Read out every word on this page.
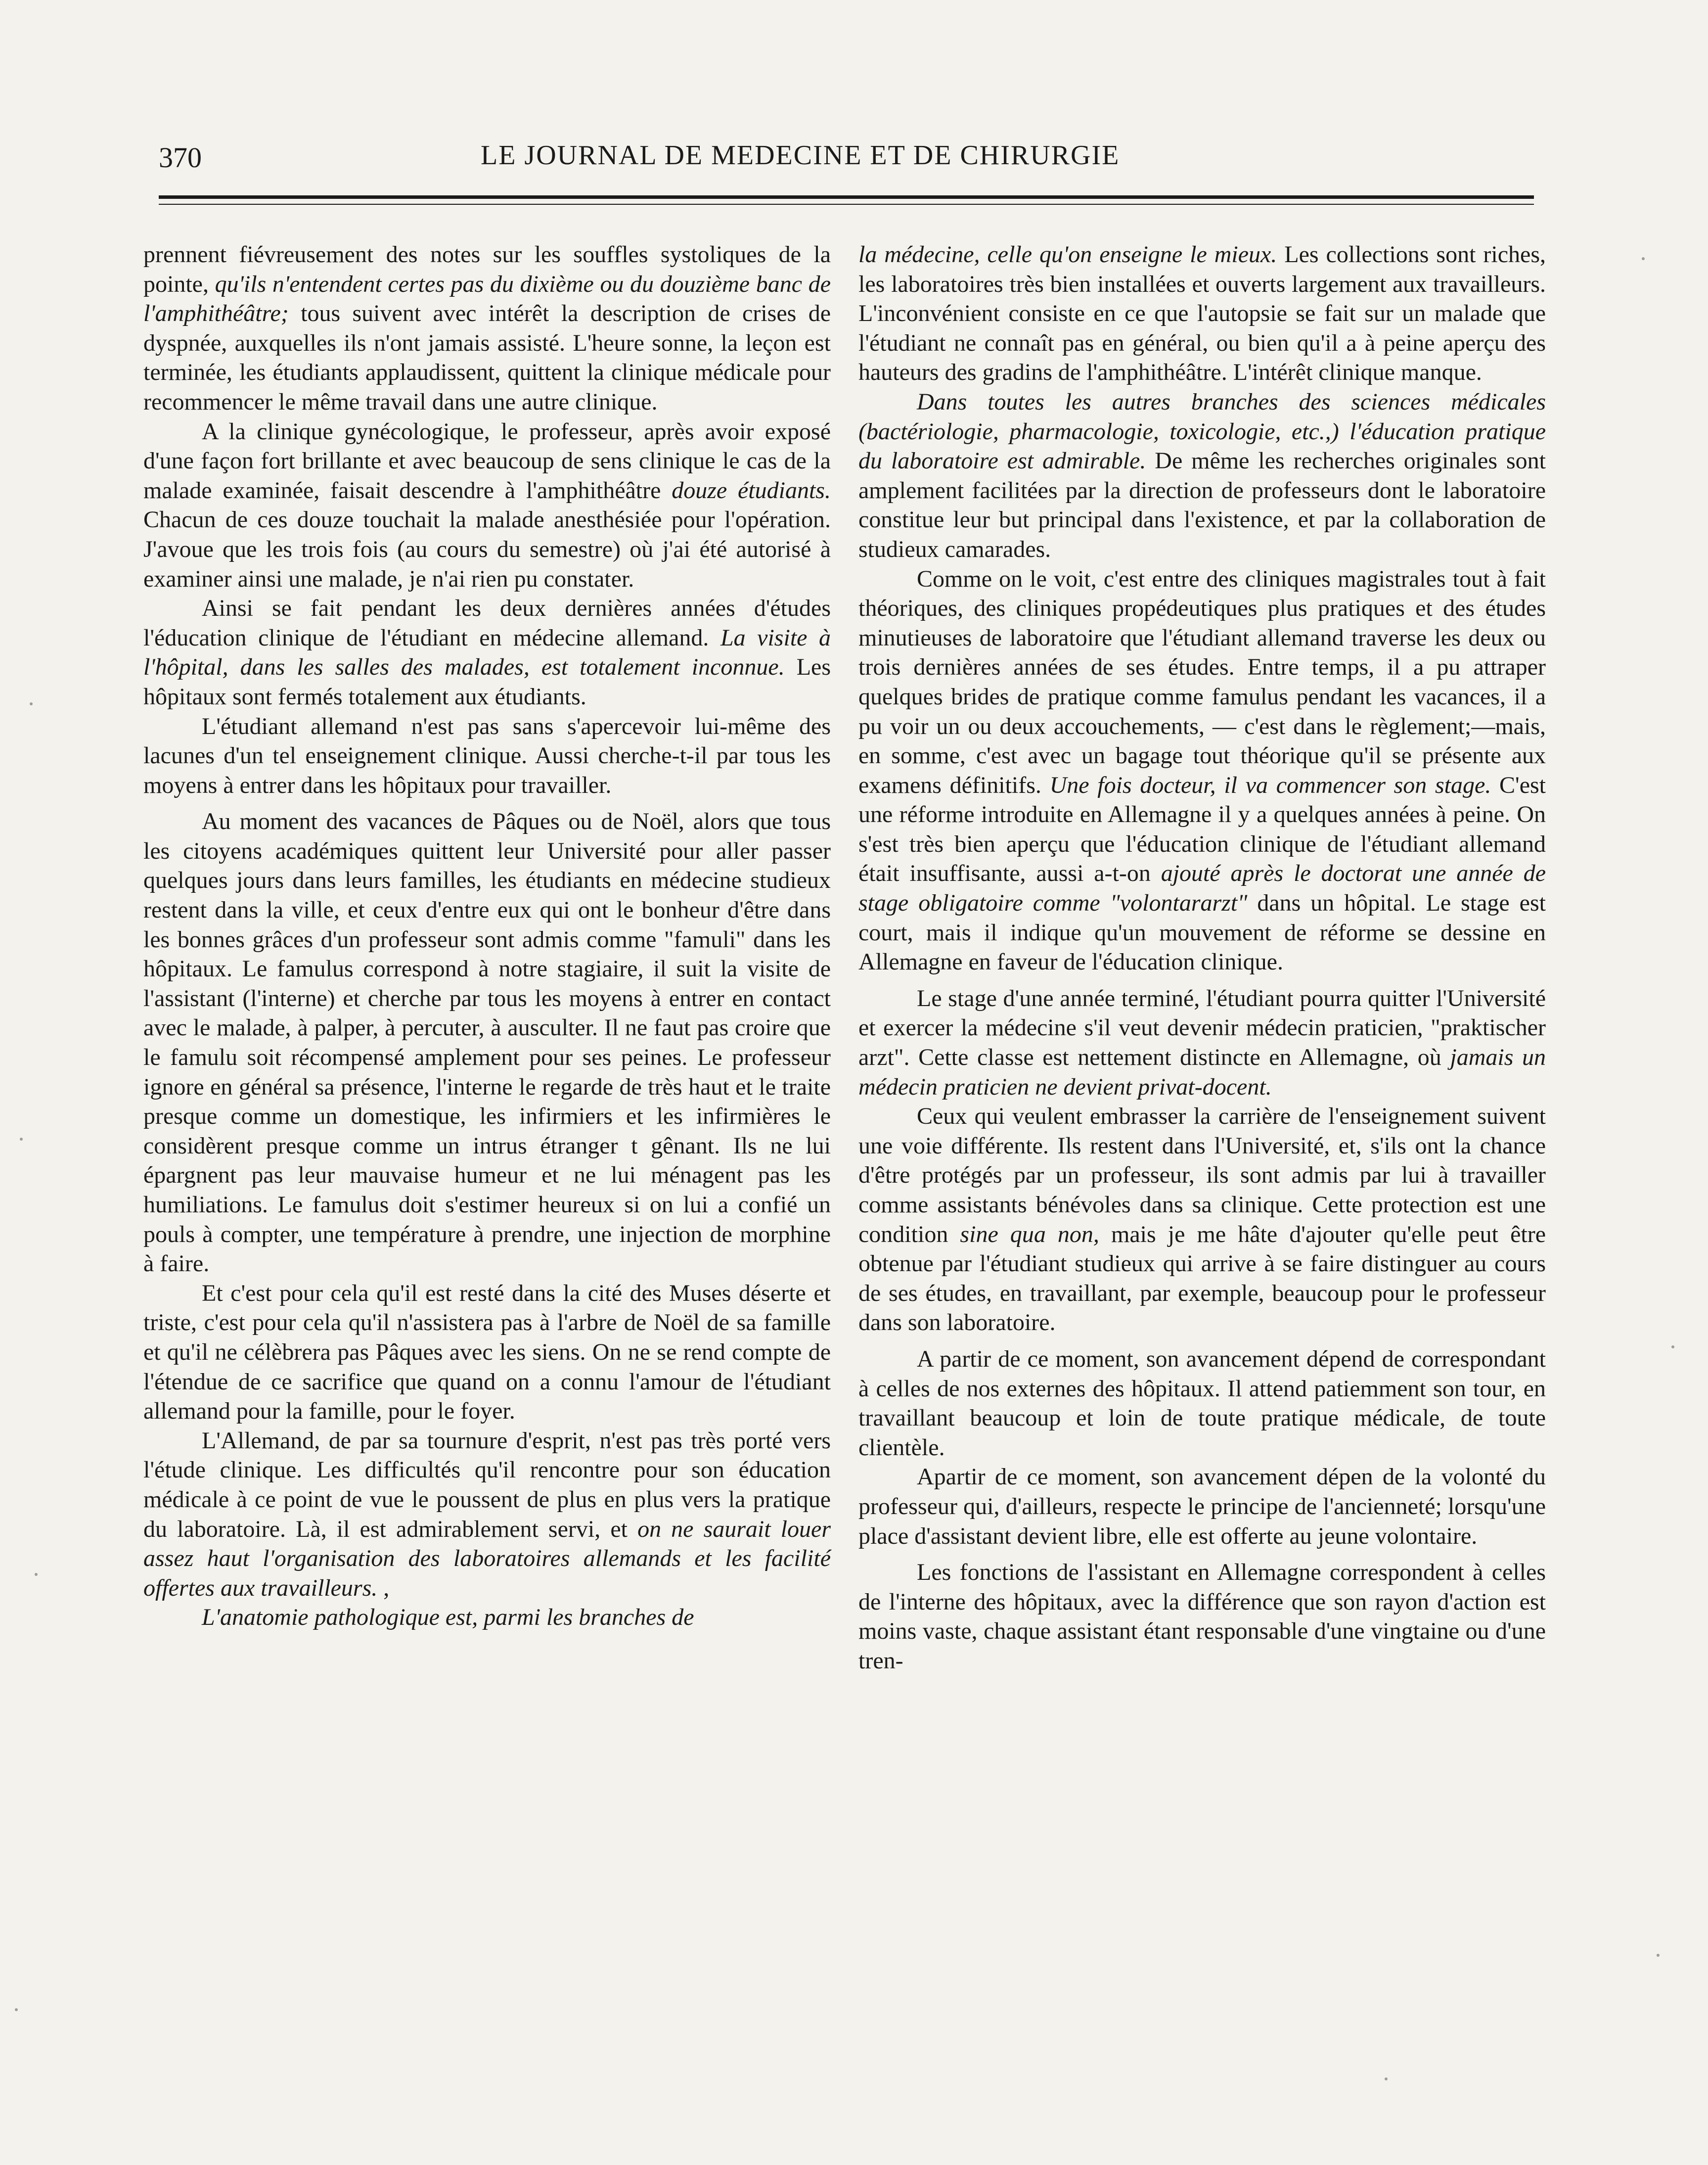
370	LE JOURNAL DE MEDECINE ET DE CHIRURGIE

prennent fiévreusement des notes sur les souffles systoliques de la pointe, qu'ils n'entendent certes pas du dixième ou du douzième banc de l'amphithéâtre; tous suivent avec intérêt la description de crises de dyspnée, auxquelles ils n'ont jamais assisté. L'heure sonne, la leçon est terminée, les étudiants applaudissent, quittent la clinique médicale pour recommencer le même travail dans une autre clinique.

A la clinique gynécologique, le professeur, après avoir exposé d'une façon fort brillante et avec beaucoup de sens clinique le cas de la malade examinée, faisait descendre à l'amphithéâtre douze étudiants. Chacun de ces douze touchait la malade anesthésiée pour l'opération. J'avoue que les trois fois (au cours du semestre) où j'ai été autorisé à examiner ainsi une malade, je n'ai rien pu constater.

Ainsi se fait pendant les deux dernières années d'études l'éducation clinique de l'étudiant en médecine allemand. La visite à l'hôpital, dans les salles des malades, est totalement inconnue. Les hôpitaux sont fermés totalement aux étudiants.

L'étudiant allemand n'est pas sans s'apercevoir lui-même des lacunes d'un tel enseignement clinique. Aussi cherche-t-il par tous les moyens à entrer dans les hôpitaux pour travailler.

Au moment des vacances de Pâques ou de Noël, alors que tous les citoyens académiques quittent leur Université pour aller passer quelques jours dans leurs familles, les étudiants en médecine studieux restent dans la ville, et ceux d'entre eux qui ont le bonheur d'être dans les bonnes grâces d'un professeur sont admis comme "famuli" dans les hôpitaux. Le famulus correspond à notre stagiaire, il suit la visite de l'assistant (l'interne) et cherche par tous les moyens à entrer en contact avec le malade, à palper, à percuter, à ausculter. Il ne faut pas croire que le famulu soit récompensé amplement pour ses peines. Le professeur ignore en général sa présence, l'interne le regarde de très haut et le traite presque comme un domestique, les infirmiers et les infirmières le considèrent presque comme un intrus étranger t gênant. Ils ne lui épargnent pas leur mauvaise humeur et ne lui ménagent pas les humiliations. Le famulus doit s'estimer heureux si on lui a confié un pouls à compter, une température à prendre, une injection de morphine à faire.

Et c'est pour cela qu'il est resté dans la cité des Muses déserte et triste, c'est pour cela qu'il n'assistera pas à l'arbre de Noël de sa famille et qu'il ne célèbrera pas Pâques avec les siens. On ne se rend compte de l'étendue de ce sacrifice que quand on a connu l'amour de l'étudiant allemand pour la famille, pour le foyer.

L'Allemand, de par sa tournure d'esprit, n'est pas très porté vers l'étude clinique. Les difficultés qu'il rencontre pour son éducation médicale à ce point de vue le poussent de plus en plus vers la pratique du laboratoire. Là, il est admirablement servi, et on ne saurait louer assez haut l'organisation des laboratoires allemands et les facilité offertes aux travailleurs. ,

L'anatomie pathologique est, parmi les branches de

la médecine, celle qu'on enseigne le mieux. Les collections sont riches, les laboratoires très bien installées et ouverts largement aux travailleurs. L'inconvénient consiste en ce que l'autopsie se fait sur un malade que l'étudiant ne connaît pas en général, ou bien qu'il a à peine aperçu des hauteurs des gradins de l'amphithéâtre. L'intérêt clinique manque.

Dans toutes les autres branches des sciences médicales (bactériologie, pharmacologie, toxicologie, etc.,) l'éducation pratique du laboratoire est admirable. De même les recherches originales sont amplement facilitées par la direction de professeurs dont le laboratoire constitue leur but principal dans l'existence, et par la collaboration de studieux camarades.

Comme on le voit, c'est entre des cliniques magistrales tout à fait théoriques, des cliniques propédeutiques plus pratiques et des études minutieuses de laboratoire que l'étudiant allemand traverse les deux ou trois dernières années de ses études. Entre temps, il a pu attraper quelques brides de pratique comme famulus pendant les vacances, il a pu voir un ou deux accouchements, — c'est dans le règlement;—mais, en somme, c'est avec un bagage tout théorique qu'il se présente aux examens définitifs. Une fois docteur, il va commencer son stage. C'est une réforme introduite en Allemagne il y a quelques années à peine. On s'est très bien aperçu que l'éducation clinique de l'étudiant allemand était insuffisante, aussi a-t-on ajouté après le doctorat une année de stage obligatoire comme "volontararzt" dans un hôpital. Le stage est court, mais il indique qu'un mouvement de réforme se dessine en Allemagne en faveur de l'éducation clinique.

Le stage d'une année terminé, l'étudiant pourra quitter l'Université et exercer la médecine s'il veut devenir médecin praticien, "praktischer arzt". Cette classe est nettement distincte en Allemagne, où jamais un médecin praticien ne devient privat-docent.

Ceux qui veulent embrasser la carrière de l'enseignement suivent une voie différente. Ils restent dans l'Université, et, s'ils ont la chance d'être protégés par un professeur, ils sont admis par lui à travailler comme assistants bénévoles dans sa clinique. Cette protection est une condition sine qua non, mais je me hâte d'ajouter qu'elle peut être obtenue par l'étudiant studieux qui arrive à se faire distinguer au cours de ses études, en travaillant, par exemple, beaucoup pour le professeur dans son laboratoire.

A partir de ce moment, son avancement dépend de correspondant à celles de nos externes des hôpitaux. Il attend patiemment son tour, en travaillant beaucoup et loin de toute pratique médicale, de toute clientèle.

Apartir de ce moment, son avancement dépen de la volonté du professeur qui, d'ailleurs, respecte le principe de l'ancienneté; lorsqu'une place d'assistant devient libre, elle est offerte au jeune volontaire.

Les fonctions de l'assistant en Allemagne correspondent à celles de l'interne des hôpitaux, avec la différence que son rayon d'action est moins vaste, chaque assistant étant responsable d'une vingtaine ou d'une tren-
